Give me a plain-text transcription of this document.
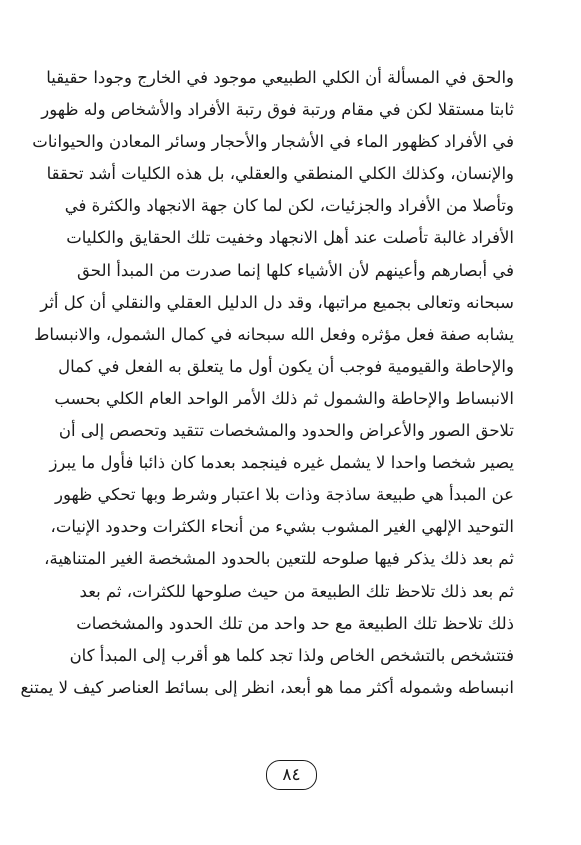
والحق في المسألة أن الكلي الطبيعي موجود في الخارج وجودا حقيقيا
ثابتا مستقلا لكن في مقام ورتبة فوق رتبة الأفراد والأشخاص وله ظهور
في الأفراد كظهور الماء في الأشجار والأحجار وسائر المعادن والحيوانات
والإنسان، وكذلك الكلي المنطقي والعقلي، بل هذه الكليات أشد تحققا
وتأصلا من الأفراد والجزئيات، لكن لما كان جهة الانجهاد والكثرة في
الأفراد غالبة تأصلت عند أهل الانجهاد وخفيت تلك الحقايق والكليات
في أبصارهم وأعينهم لأن الأشياء كلها إنما صدرت من المبدأ الحق
سبحانه وتعالى بجميع مراتبها، وقد دل الدليل العقلي والنقلي أن كل أثر
يشابه صفة فعل مؤثره وفعل الله سبحانه في كمال الشمول، والانبساط
والإحاطة والقيومية فوجب أن يكون أول ما يتعلق به الفعل في كمال
الانبساط والإحاطة والشمول ثم ذلك الأمر الواحد العام الكلي بحسب
تلاحق الصور والأعراض والحدود والمشخصات تتقيد وتحصص إلى أن
يصير شخصا واحدا لا يشمل غيره فينجمد بعدما كان ذائبا فأول ما يبرز
عن المبدأ هي طبيعة ساذجة وذات بلا اعتبار وشرط وبها تحكي ظهور
التوحيد الإلهي الغير المشوب بشيء من أنحاء الكثرات وحدود الإنيات،
ثم بعد ذلك يذكر فيها صلوحه للتعين بالحدود المشخصة الغير المتناهية،
ثم بعد ذلك تلاحظ تلك الطبيعة من حيث صلوحها للكثرات، ثم بعد
ذلك تلاحظ تلك الطبيعة مع حد واحد من تلك الحدود والمشخصات
فتتشخص بالتشخص الخاص ولذا تجد كلما هو أقرب إلى المبدأ كان
انبساطه وشموله أكثر مما هو أبعد، انظر إلى بسائط العناصر كيف لا يمتنع
٨٤
